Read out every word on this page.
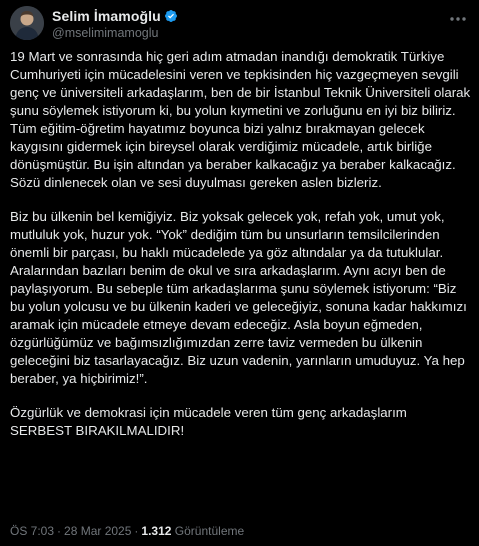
Selim İmamoğlu
@mselimimamoglu

19 Mart ve sonrasında hiç geri adım atmadan inandığı demokratik Türkiye Cumhuriyeti için mücadelesini veren ve tepkisinden hiç vazgeçmeyen sevgili genç ve üniversiteli arkadaşlarım, ben de bir İstanbul Teknik Üniversiteli olarak şunu söylemek istiyorum ki, bu yolun kıymetini ve zorluğunu en iyi biz biliriz. Tüm eğitim-öğretim hayatımız boyunca bizi yalnız bırakmayan gelecek kaygısını gidermek için bireysel olarak verdiğimiz mücadele, artık birliğe dönüşmüştür. Bu işin altından ya beraber kalkacağız ya beraber kalkacağız. Sözü dinlenecek olan ve sesi duyulması gereken aslen bizleriz.

Biz bu ülkenin bel kemiğiyiz. Biz yoksak gelecek yok, refah yok, umut yok, mutluluk yok, huzur yok. “Yok” dediğim tüm bu unsurların temsilcilerinden önemli bir parçası, bu haklı mücadelede ya göz altındalar ya da tutuklular. Aralarından bazıları benim de okul ve sıra arkadaşlarım. Aynı acıyı ben de paylaşıyorum. Bu sebeple tüm arkadaşlarıma şunu söylemek istiyorum: “Biz bu yolun yolcusu ve bu ülkenin kaderi ve geleceğiyiz, sonuna kadar hakkımızı aramak için mücadele etmeye devam edeceğiz. Asla boyun eğmeden, özgürlüğümüz ve bağımsızlığımızdan zerre taviz vermeden bu ülkenin geleceğini biz tasarlayacağız. Biz uzun vadenin, yarınların umuduyuz. Ya hep beraber, ya hiçbirimiz!”.

Özgürlük ve demokrasi için mücadele veren tüm genç arkadaşlarım SERBEST BIRAKILMALIDIR!

ÖS 7:03 · 28 Mar 2025 · 1.312 Görüntüleme
